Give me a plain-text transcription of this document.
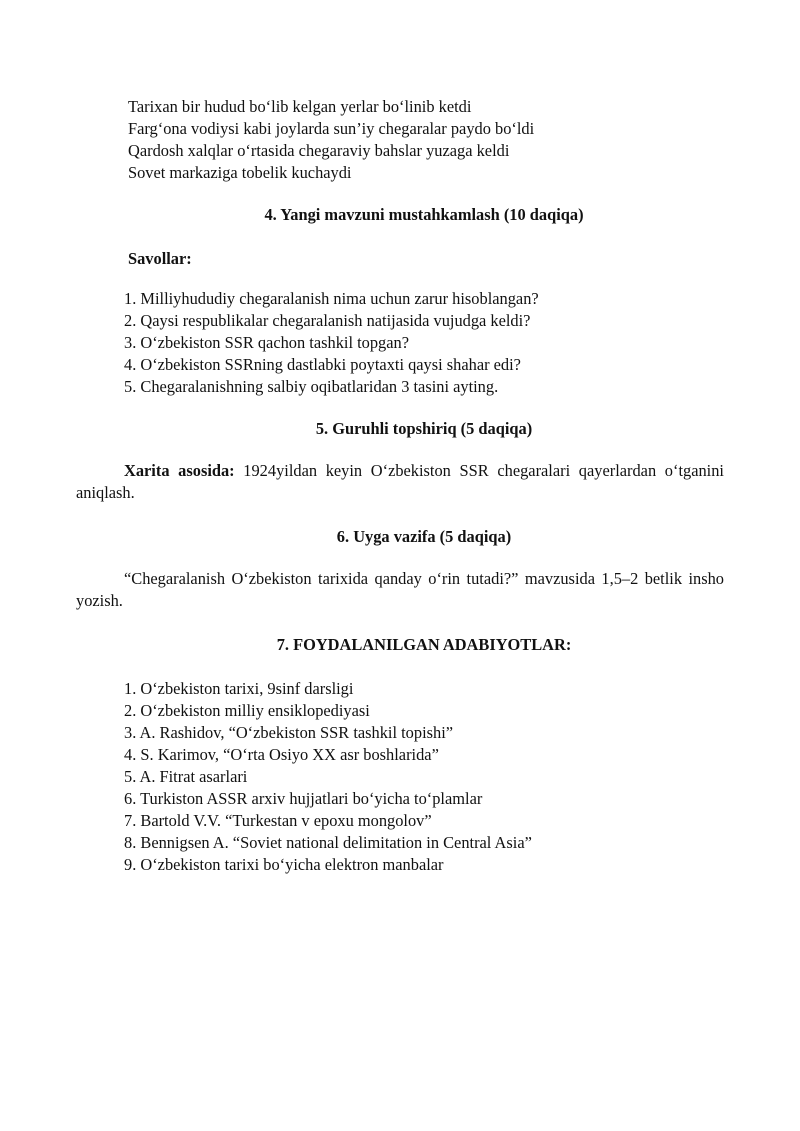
Tarixan bir hudud bo‘lib kelgan yerlar bo‘linib ketdi
Farg‘ona vodiysi kabi joylarda sun’iy chegaralar paydo bo‘ldi
Qardosh xalqlar o‘rtasida chegaraviy bahslar yuzaga keldi
Sovet markaziga tobelik kuchaydi
4. Yangi mavzuni mustahkamlash (10 daqiqa)
Savollar:
1. Milliyhududiy chegaralanish nima uchun zarur hisoblangan?
2. Qaysi respublikalar chegaralanish natijasida vujudga keldi?
3. O‘zbekiston SSR qachon tashkil topgan?
4. O‘zbekiston SSRning dastlabki poytaxti qaysi shahar edi?
5. Chegaralanishning salbiy oqibatlaridan 3 tasini ayting.
5. Guruhli topshiriq (5 daqiqa)
Xarita asosida: 1924yildan keyin O‘zbekiston SSR chegaralari qayerlardan o‘tganini aniqlash.
6. Uyga vazifa (5 daqiqa)
“Chegaralanish O‘zbekiston tarixida qanday o‘rin tutadi?” mavzusida 1,5–2 betlik insho yozish.
7. FOYDALANILGAN ADABIYOTLAR:
1. O‘zbekiston tarixi, 9sinf darsligi
2. O‘zbekiston milliy ensiklopediyasi
3. A. Rashidov, “O‘zbekiston SSR tashkil topishi”
4. S. Karimov, “O‘rta Osiyo XX asr boshlarida”
5. A. Fitrat asarlari
6. Turkiston ASSR arxiv hujjatlari bo‘yicha to‘plamlar
7. Bartold V.V. “Turkestan v epoxu mongolov”
8. Bennigsen A. “Soviet national delimitation in Central Asia”
9. O‘zbekiston tarixi bo‘yicha elektron manbalar
